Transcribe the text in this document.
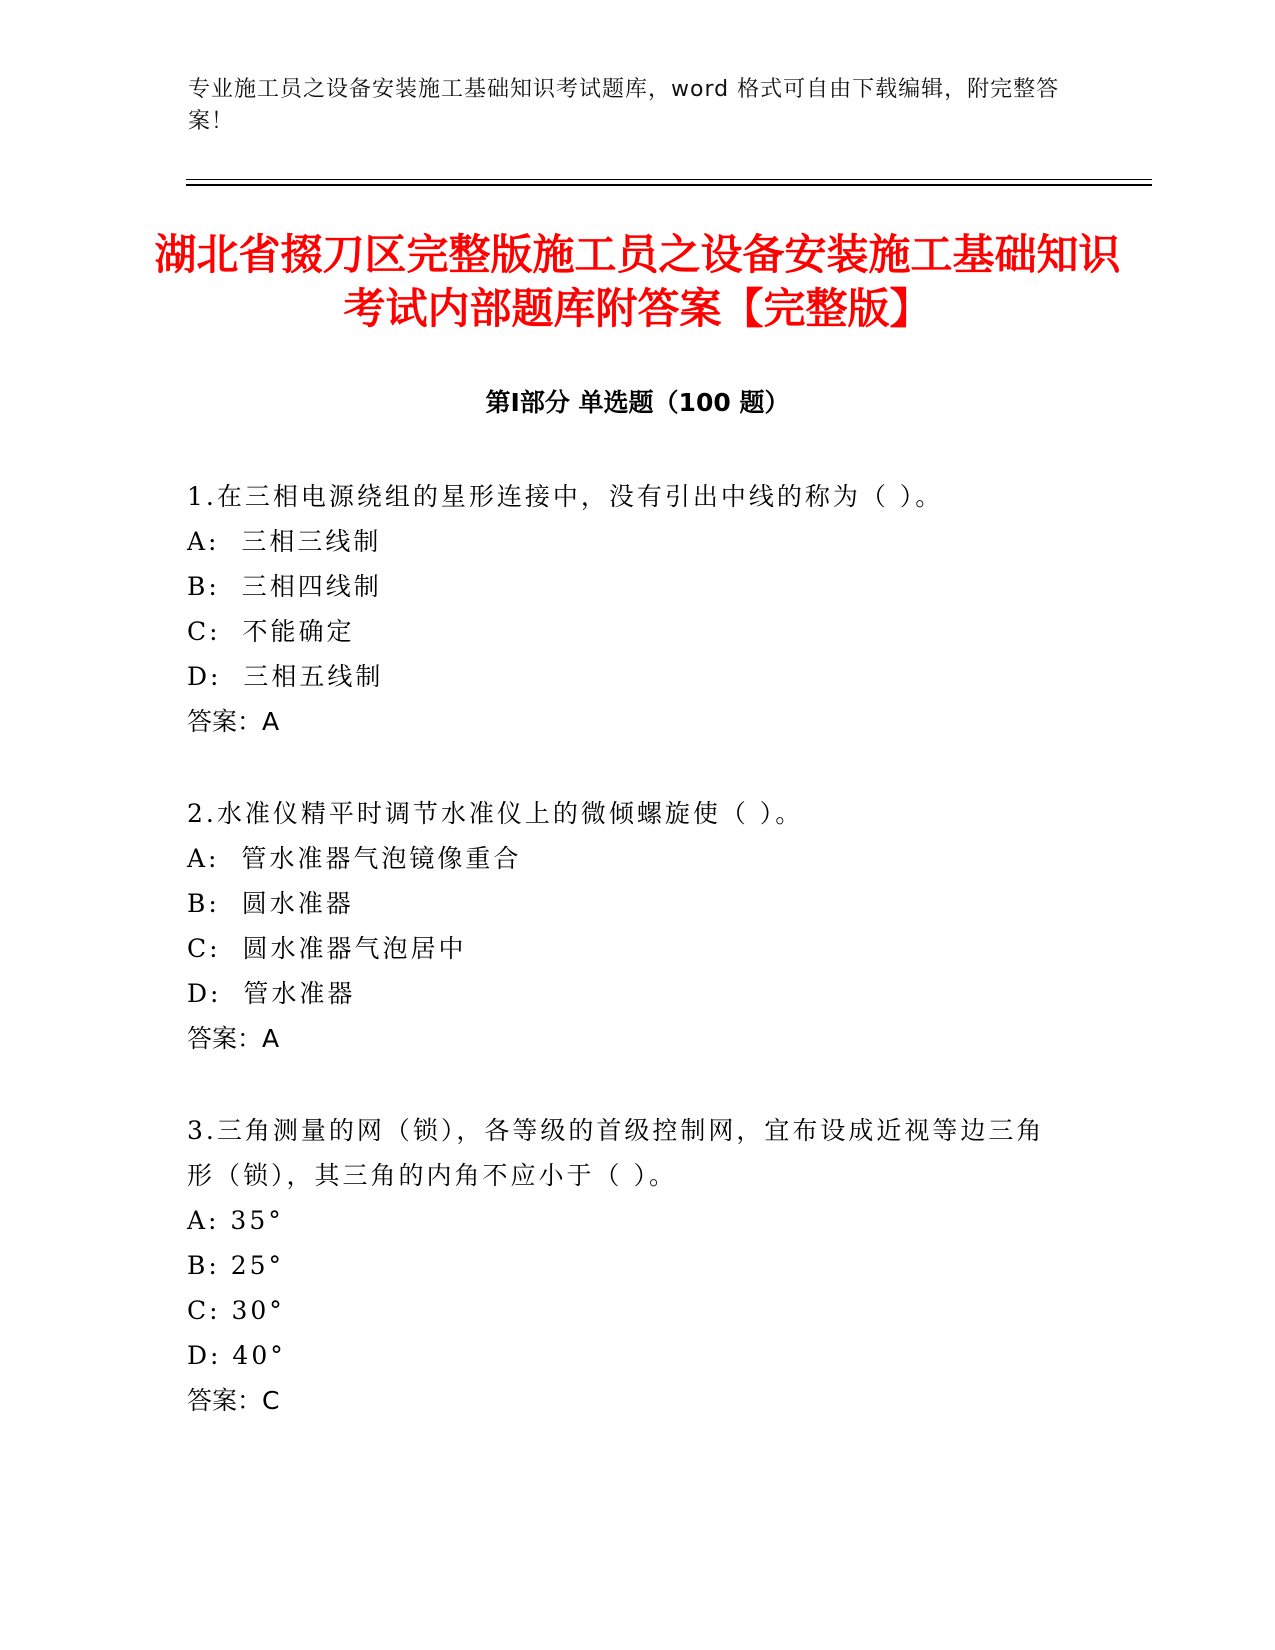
专业施工员之设备安装施工基础知识考试题库，word 格式可自由下载编辑，附完整答案！
湖北省掇刀区完整版施工员之设备安装施工基础知识考试内部题库附答案【完整版】
第Ⅰ部分 单选题（100 题）

1.在三相电源绕组的星形连接中，没有引出中线的称为（ ）。

A:  三相三线制

B:  三相四线制

C:  不能确定

D:  三相五线制

答案：A

2.水准仪精平时调节水准仪上的微倾螺旋使（ ）。

A:  管水准器气泡镜像重合

B:  圆水准器

C:  圆水准器气泡居中

D:  管水准器

答案：A

3.三角测量的网（锁），各等级的首级控制网，宜布设成近视等边三角形（锁），其三角的内角不应小于（ ）。

A: 35°

B: 25°

C: 30°

D: 40°

答案：C
